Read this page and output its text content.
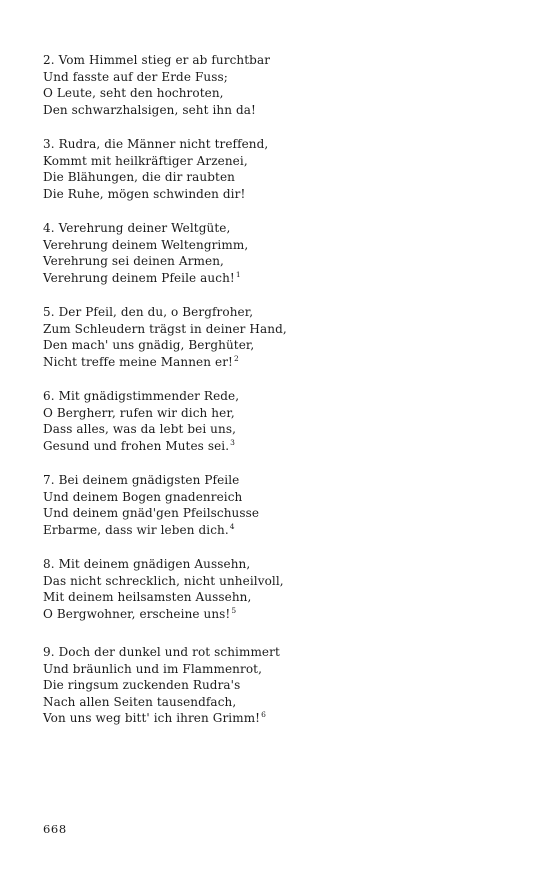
2. Vom Himmel stieg er ab furchtbar
Und fasste auf der Erde Fuss;
O Leute, seht den hochroten,
Den schwarzhalsigen, seht ihn da!
3. Rudra, die Männer nicht treffend,
Kommt mit heilkräftiger Arzenei,
Die Blähungen, die dir raubten
Die Ruhe, mögen schwinden dir!
4. Verehrung deiner Weltgüte,
Verehrung deinem Weltengrimm,
Verehrung sei deinen Armen,
Verehrung deinem Pfeile auch!$^1$
5. Der Pfeil, den du, o Bergfroher,
Zum Schleudern trägst in deiner Hand,
Den mach' uns gnädig, Berghüter,
Nicht treffe meine Mannen er!$^2$
6. Mit gnädigstimmender Rede,
O Bergherr, rufen wir dich her,
Dass alles, was da lebt bei uns,
Gesund und frohen Mutes sei.$^3$
7. Bei deinem gnädigsten Pfeile
Und deinem Bogen gnadenreich
Und deinem gnäd'gen Pfeilschusse
Erbarme, dass wir leben dich.$^4$
8. Mit deinem gnädigen Aussehn,
Das nicht schrecklich, nicht unheilvoll,
Mit deinem heilsamsten Aussehn,
O Bergwohner, erscheine uns!$^5$
9. Doch der dunkel und rot schimmert
Und bräunlich und im Flammenrot,
Die ringsum zuckenden Rudra's
Nach allen Seiten tausendfach,
Von uns weg bitt' ich ihren Grimm!$^6$
668
